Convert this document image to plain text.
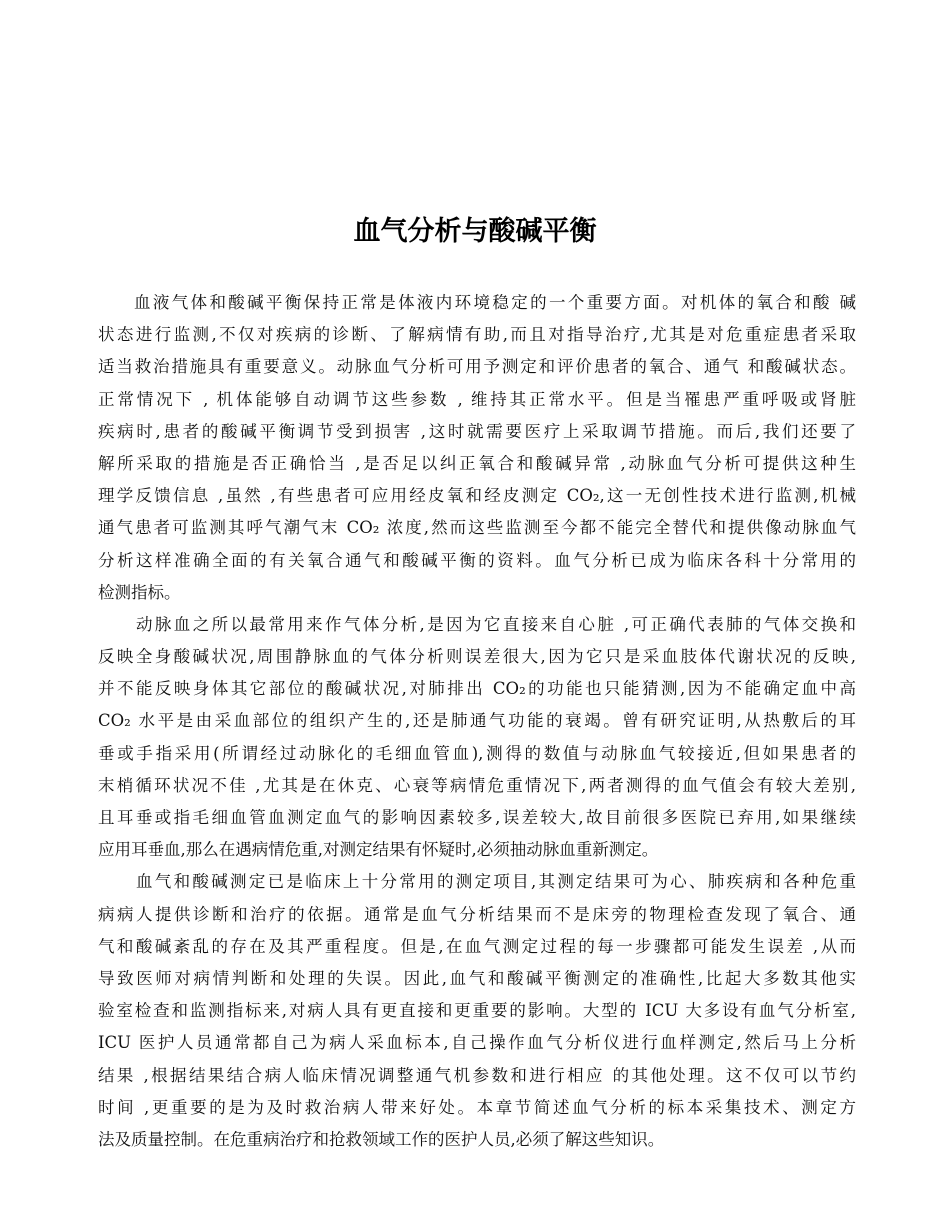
血气分析与酸碱平衡
血液气体和酸碱平衡保持正常是体液内环境稳定的一个重要方面。对机体的氧合和酸 碱
状态进行监测,不仅对疾病的诊断、了解病情有助,而且对指导治疗,尤其是对危重症患者采取
适当救治措施具有重要意义。动脉血气分析可用予测定和评价患者的氧合、通气 和酸碱状态。
正常情况下 , 机体能够自动调节这些参数 , 维持其正常水平。但是当罹患严重呼吸或肾脏
疾病时,患者的酸碱平衡调节受到损害 ,这时就需要医疗上采取调节措施。而后,我们还要了
解所采取的措施是否正确恰当 ,是否足以纠正氧合和酸碱异常 ,动脉血气分析可提供这种生
理学反馈信息 ,虽然 ,有些患者可应用经皮氧和经皮测定 CO₂,这一无创性技术进行监测,机械
通气患者可监测其呼气潮气末 CO₂ 浓度,然而这些监测至今都不能完全替代和提供像动脉血气
分析这样准确全面的有关氧合通气和酸碱平衡的资料。血气分析已成为临床各科十分常用的
检测指标。
动脉血之所以最常用来作气体分析,是因为它直接来自心脏 ,可正确代表肺的气体交换和
反映全身酸碱状况,周围静脉血的气体分析则误差很大,因为它只是采血肢体代谢状况的反映,
并不能反映身体其它部位的酸碱状况,对肺排出 CO₂的功能也只能猜测,因为不能确定血中高
CO₂ 水平是由采血部位的组织产生的,还是肺通气功能的衰竭。曾有研究证明,从热敷后的耳
垂或手指采用(所谓经过动脉化的毛细血管血),测得的数值与动脉血气较接近,但如果患者的
末梢循环状况不佳 ,尤其是在休克、心衰等病情危重情况下,两者测得的血气值会有较大差别,
且耳垂或指毛细血管血测定血气的影响因素较多,误差较大,故目前很多医院已弃用,如果继续
应用耳垂血,那么在遇病情危重,对测定结果有怀疑时,必须抽动脉血重新测定。
血气和酸碱测定已是临床上十分常用的测定项目,其测定结果可为心、肺疾病和各种危重
病病人提供诊断和治疗的依据。通常是血气分析结果而不是床旁的物理检查发现了氧合、通
气和酸碱紊乱的存在及其严重程度。但是,在血气测定过程的每一步骤都可能发生误差 ,从而
导致医师对病情判断和处理的失误。因此,血气和酸碱平衡测定的准确性,比起大多数其他实
验室检查和监测指标来,对病人具有更直接和更重要的影响。大型的 ICU 大多设有血气分析室,
ICU 医护人员通常都自己为病人采血标本,自己操作血气分析仪进行血样测定,然后马上分析
结果 ,根据结果结合病人临床情况调整通气机参数和进行相应 的其他处理。这不仅可以节约
时间 ,更重要的是为及时救治病人带来好处。本章节简述血气分析的标本采集技术、测定方
法及质量控制。在危重病治疗和抢救领域工作的医护人员,必须了解这些知识。
